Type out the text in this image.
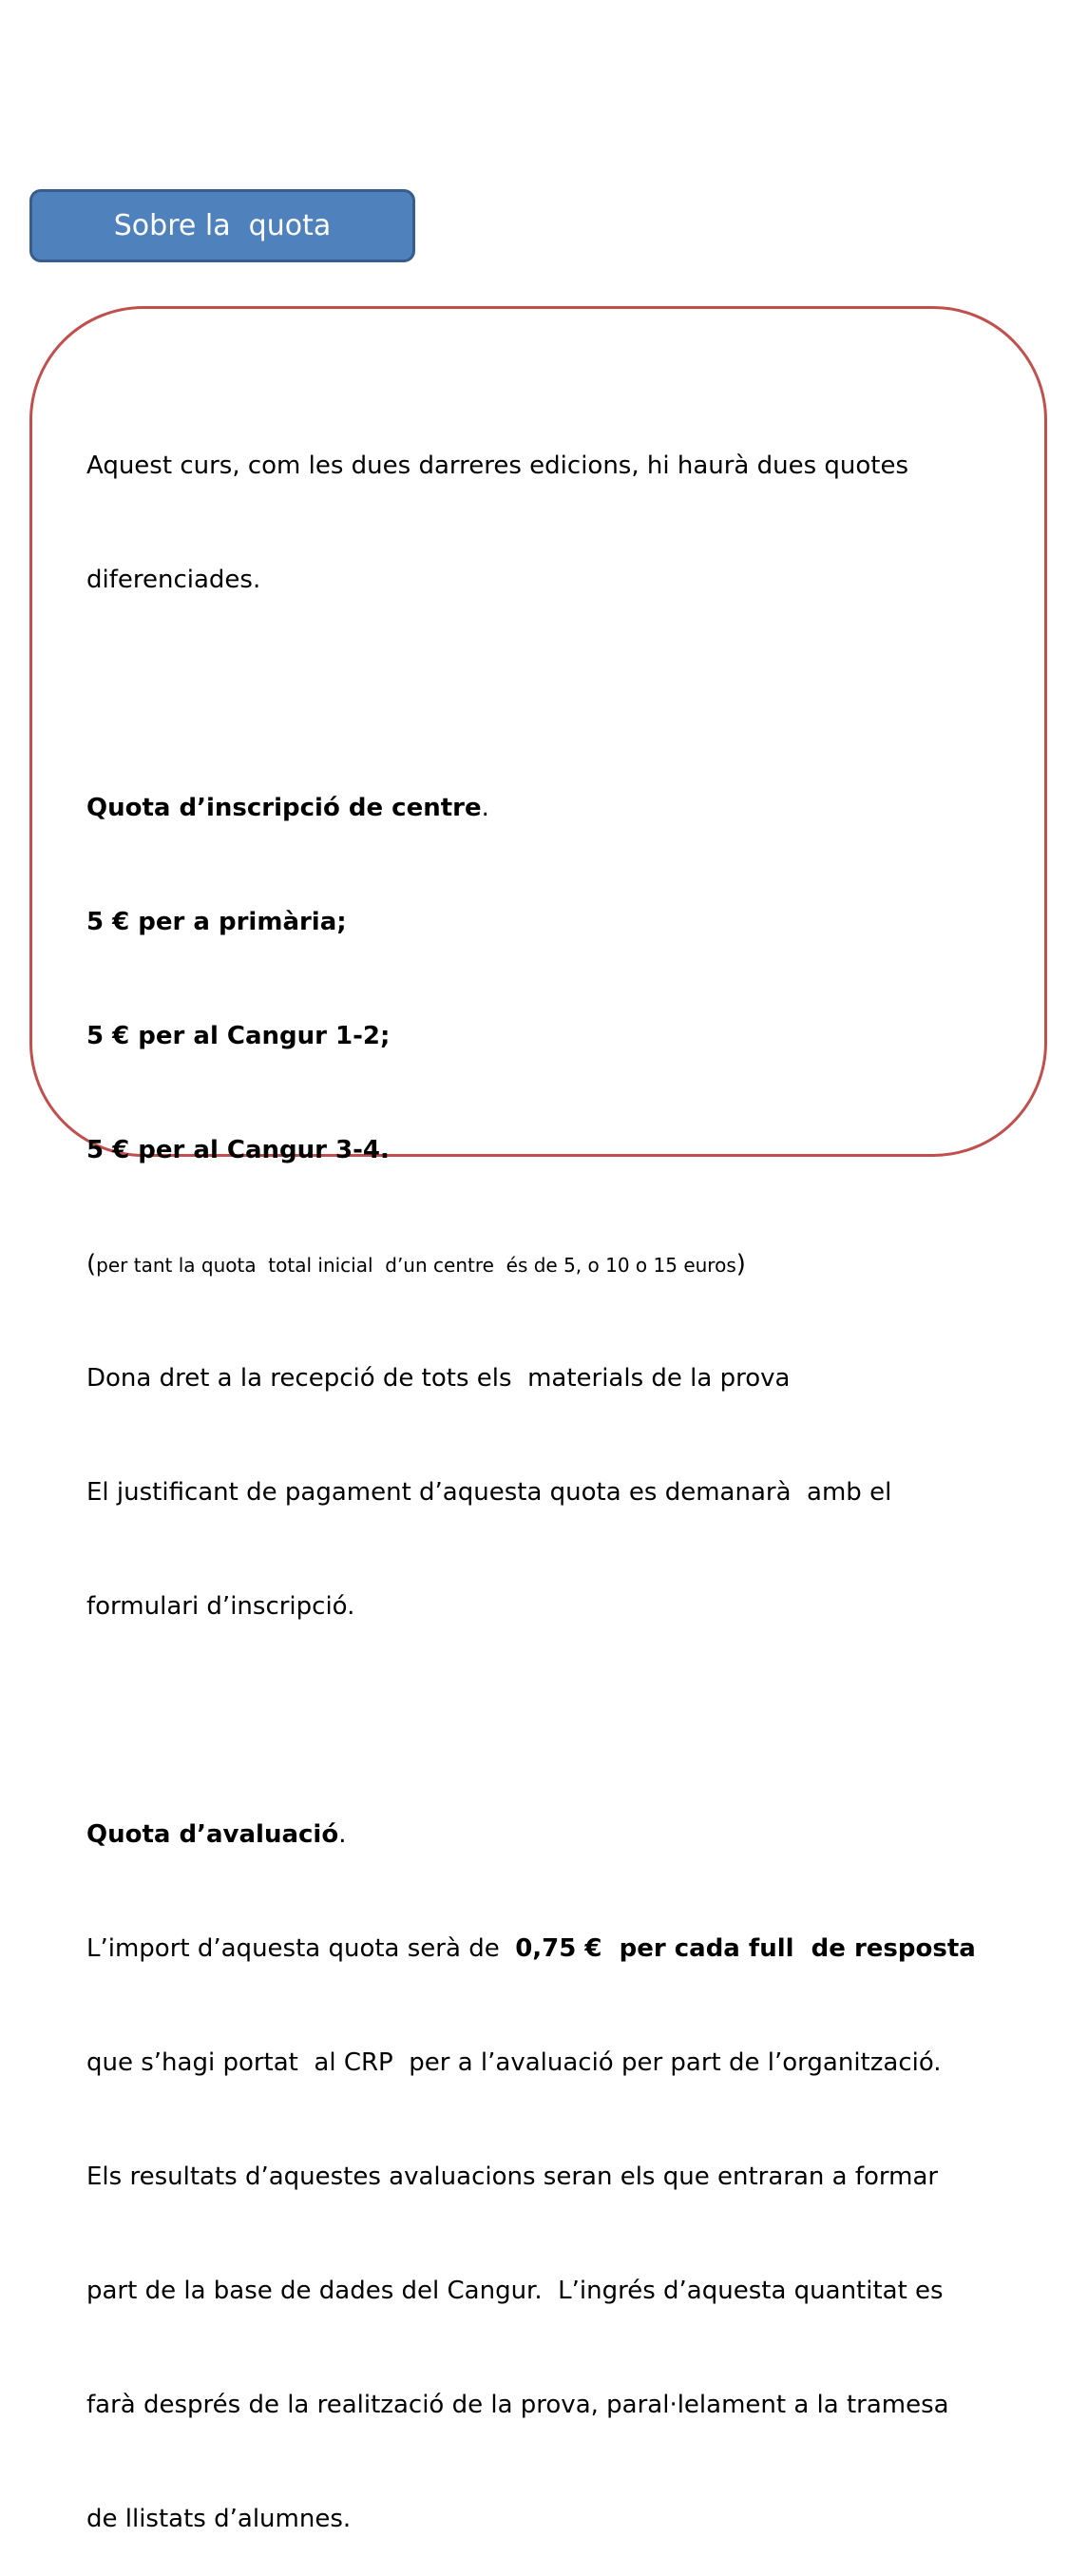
Sobre la  quota

Aquest curs, com les dues darreres edicions, hi haurà dues quotes

diferenciades.

Quota d’inscripció de centre.

5 € per a primària;

5 € per al Cangur 1-2;

5 € per al Cangur 3-4.

(per tant la quota  total inicial  d’un centre  és de 5, o 10 o 15 euros)

Dona dret a la recepció de tots els  materials de la prova

El justificant de pagament d’aquesta quota es demanarà  amb el

formulari d’inscripció.

Quota d’avaluació.

L’import d’aquesta quota serà de  0,75 €  per cada full  de resposta

que s’hagi portat  al CRP  per a l’avaluació per part de l’organització.

Els resultats d’aquestes avaluacions seran els que entraran a formar

part de la base de dades del Cangur.  L’ingrés d’aquesta quantitat es

farà després de la realització de la prova, paral·lelament a la tramesa

de llistats d’alumnes.
